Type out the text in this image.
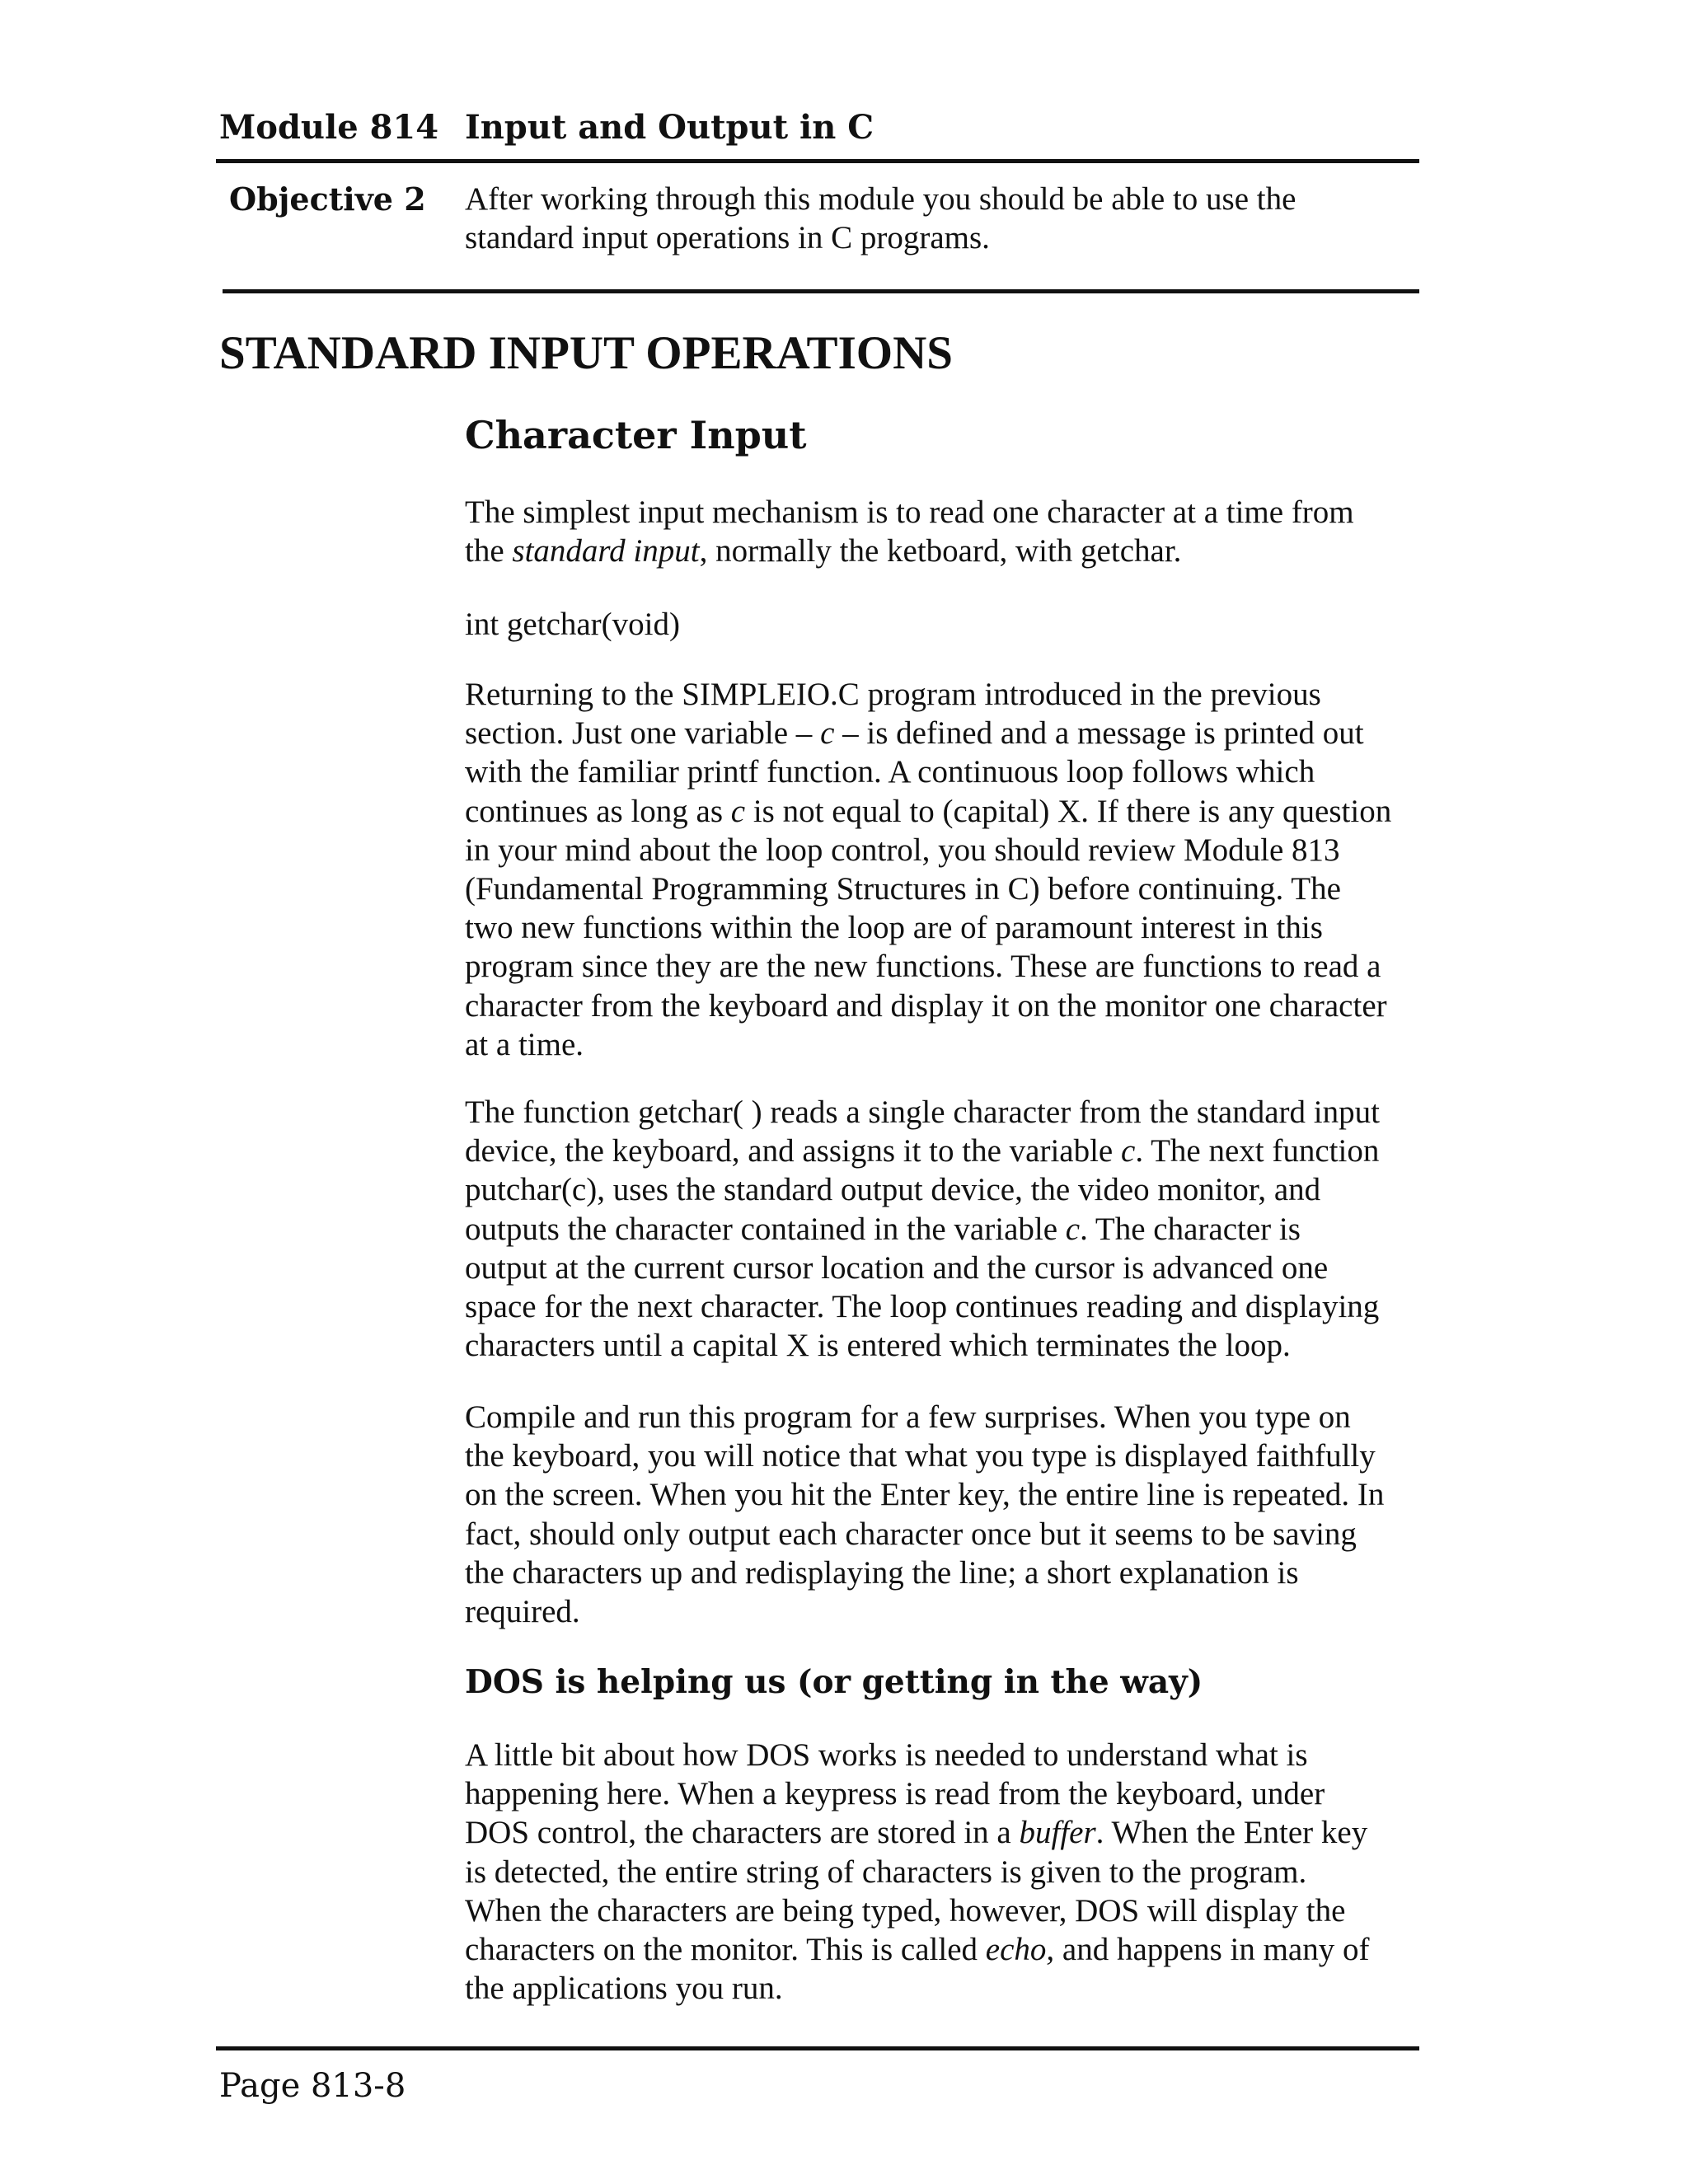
Module 814 Input and Output in C
Objective 2 After working through this module you should be able to use the
standard input operations in C programs.
STANDARD INPUT OPERATIONS
Character Input
The simplest input mechanism is to read one character at a time from
the standard input, normally the ketboard, with getchar.
int getchar(void)
Returning to the SIMPLEIO.C program introduced in the previous
section. Just one variable – c – is defined and a message is printed out
with the familiar printf function. A continuous loop follows which
continues as long as c is not equal to (capital) X. If there is any question
in your mind about the loop control, you should review Module 813
(Fundamental Programming Structures in C) before continuing. The
two new functions within the loop are of paramount interest in this
program since they are the new functions. These are functions to read a
character from the keyboard and display it on the monitor one character
at a time.
The function getchar( ) reads a single character from the standard input
device, the keyboard, and assigns it to the variable c. The next function
putchar(c), uses the standard output device, the video monitor, and
outputs the character contained in the variable c. The character is
output at the current cursor location and the cursor is advanced one
space for the next character. The loop continues reading and displaying
characters until a capital X is entered which terminates the loop.
Compile and run this program for a few surprises. When you type on
the keyboard, you will notice that what you type is displayed faithfully
on the screen. When you hit the Enter key, the entire line is repeated. In
fact, should only output each character once but it seems to be saving
the characters up and redisplaying the line; a short explanation is
required.
DOS is helping us (or getting in the way)
A little bit about how DOS works is needed to understand what is
happening here. When a keypress is read from the keyboard, under
DOS control, the characters are stored in a buffer. When the Enter key
is detected, the entire string of characters is given to the program.
When the characters are being typed, however, DOS will display the
characters on the monitor. This is called echo, and happens in many of
the applications you run.
Page 813-8
